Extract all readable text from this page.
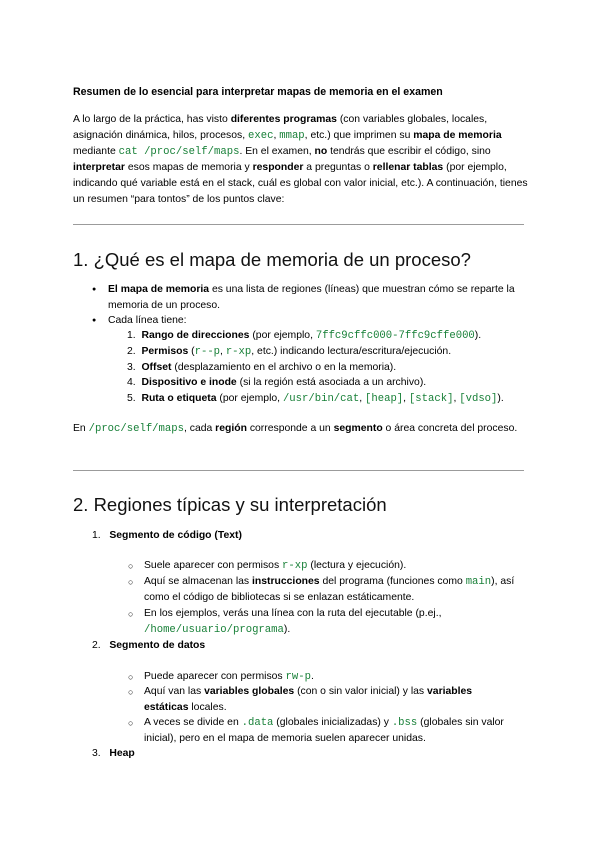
Resumen de lo esencial para interpretar mapas de memoria en el examen

A lo largo de la práctica, has visto diferentes programas (con variables globales, locales, asignación dinámica, hilos, procesos, exec, mmap, etc.) que imprimen su mapa de memoria mediante cat /proc/self/maps. En el examen, no tendrás que escribir el código, sino interpretar esos mapas de memoria y responder a preguntas o rellenar tablas (por ejemplo, indicando qué variable está en el stack, cuál es global con valor inicial, etc.). A continuación, tienes un resumen “para tontos” de los puntos clave:

1. ¿Qué es el mapa de memoria de un proceso?
● El mapa de memoria es una lista de regiones (líneas) que muestran cómo se reparte la memoria de un proceso.
● Cada línea tiene:
1. Rango de direcciones (por ejemplo, 7ffc9cffc000-7ffc9cffe000).
2. Permisos (r--p, r-xp, etc.) indicando lectura/escritura/ejecución.
3. Offset (desplazamiento en el archivo o en la memoria).
4. Dispositivo e inode (si la región está asociada a un archivo).
5. Ruta o etiqueta (por ejemplo, /usr/bin/cat, [heap], [stack], [vdso]).

En /proc/self/maps, cada región corresponde a un segmento o área concreta del proceso.

2. Regiones típicas y su interpretación
1. Segmento de código (Text)
○ Suele aparecer con permisos r-xp (lectura y ejecución).
○ Aquí se almacenan las instrucciones del programa (funciones como main), así como el código de bibliotecas si se enlazan estáticamente.
○ En los ejemplos, verás una línea con la ruta del ejecutable (p.ej., /home/usuario/programa).
2. Segmento de datos
○ Puede aparecer con permisos rw-p.
○ Aquí van las variables globales (con o sin valor inicial) y las variables estáticas locales.
○ A veces se divide en .data (globales inicializadas) y .bss (globales sin valor inicial), pero en el mapa de memoria suelen aparecer unidas.
3. Heap
